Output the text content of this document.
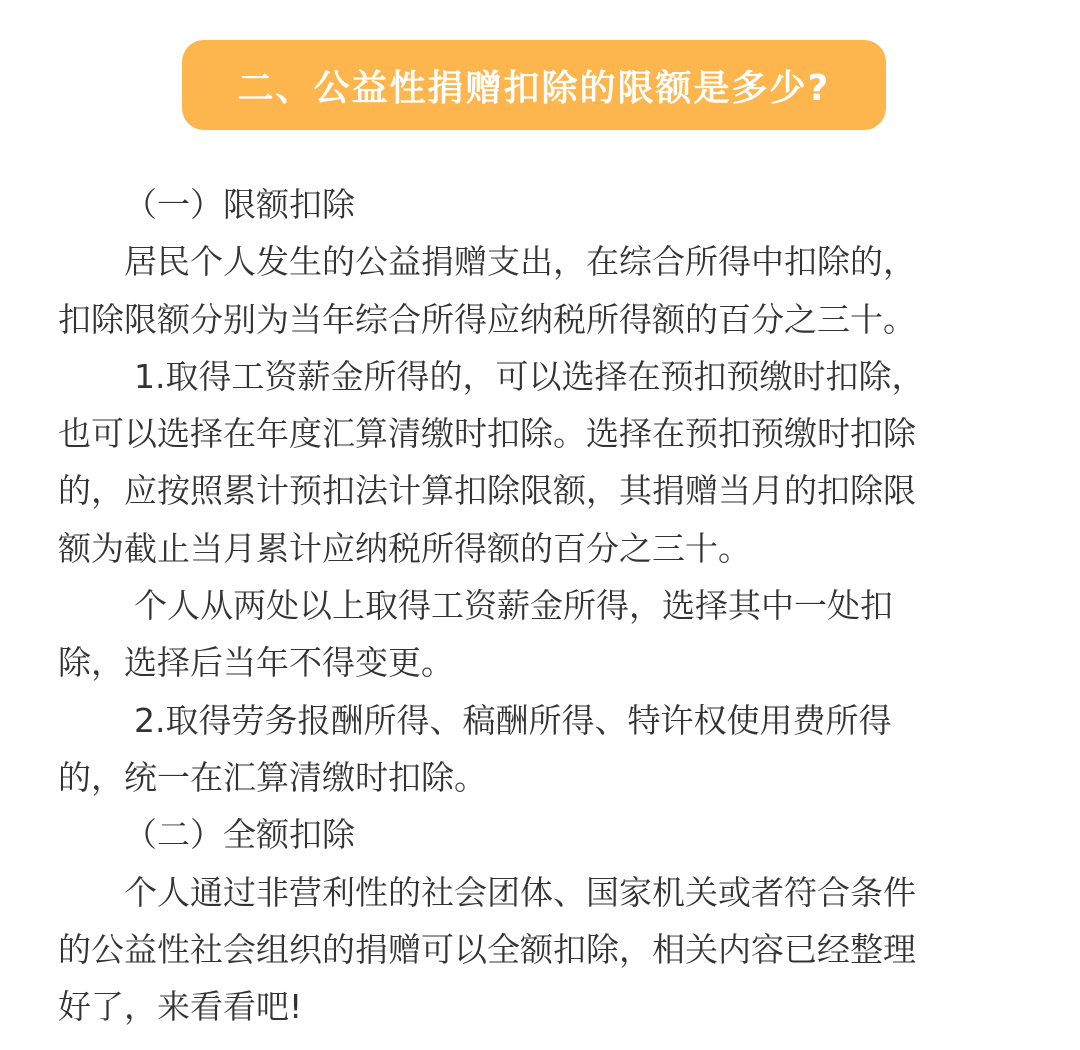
二、公益性捐赠扣除的限额是多少?

（一）限额扣除

居民个人发生的公益捐赠支出，在综合所得中扣除的，

扣除限额分别为当年综合所得应纳税所得额的百分之三十。

1.取得工资薪金所得的，可以选择在预扣预缴时扣除，

也可以选择在年度汇算清缴时扣除。选择在预扣预缴时扣除

的，应按照累计预扣法计算扣除限额，其捐赠当月的扣除限

额为截止当月累计应纳税所得额的百分之三十。

个人从两处以上取得工资薪金所得，选择其中一处扣

除，选择后当年不得变更。

2.取得劳务报酬所得、稿酬所得、特许权使用费所得

的，统一在汇算清缴时扣除。

（二）全额扣除

个人通过非营利性的社会团体、国家机关或者符合条件

的公益性社会组织的捐赠可以全额扣除，相关内容已经整理

好了，来看看吧!
